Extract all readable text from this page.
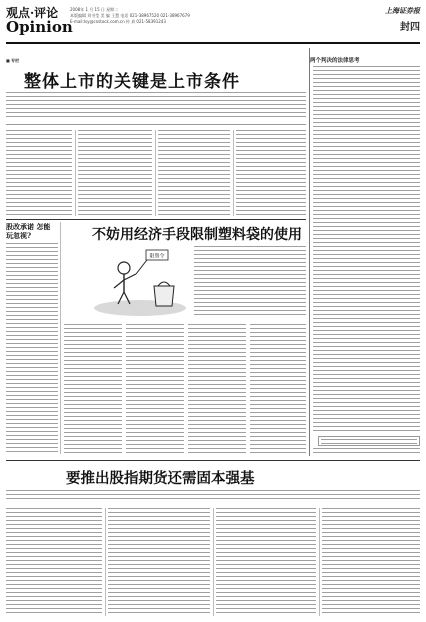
观点·评论
Opinion
2008年 1 月 15 日 星期二
本版编辑 刘书莹 美 编 王慧 电话 021-38967520 021-38967679
E-mail:lsy@cnstock.com.cn 传 真 021-58391243
上海证券报
封四
■ 专栏
整体上市的关键是上市条件
两个判决的法律思考
股改承诺 怎能玩忽视?	不妨用经济手段限制塑料袋的使用
限塑令
要推出股指期货还需固本强基
